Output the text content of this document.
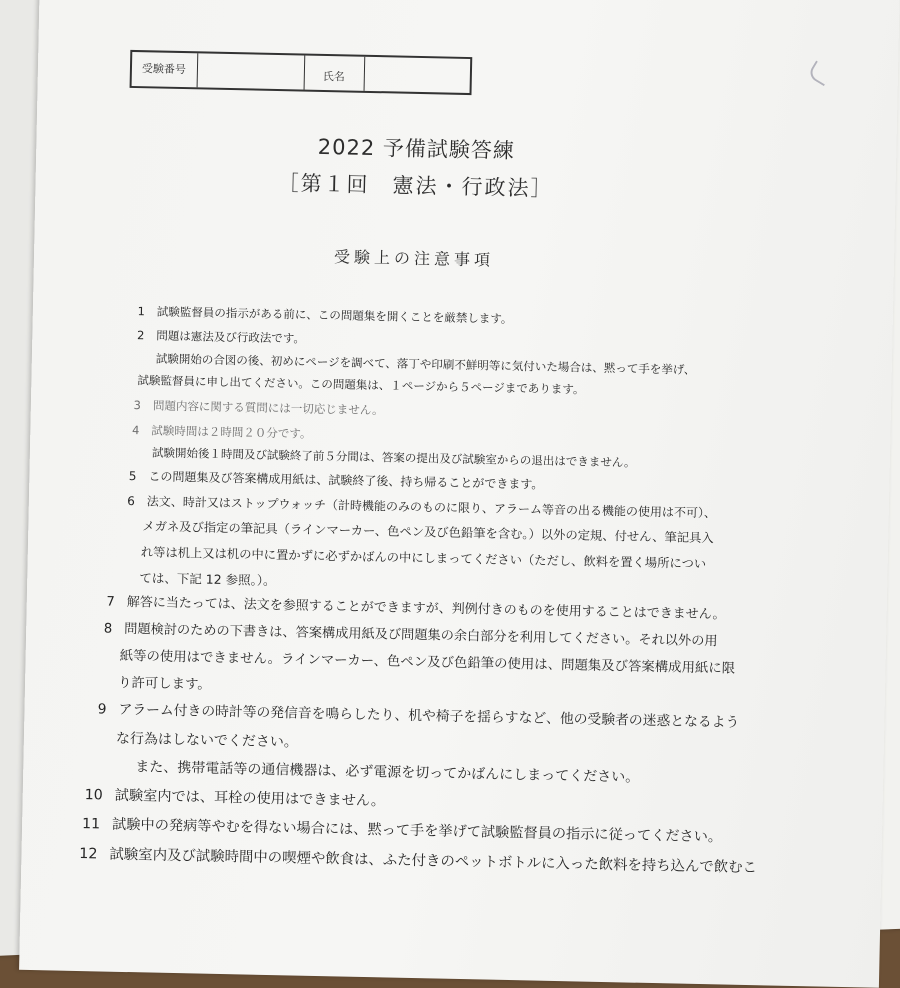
受験番号
氏名
2022 予備試験答練
［第１回　憲法・行政法］
受験上の注意事項
1 試験監督員の指示がある前に、この問題集を開くことを厳禁します。
2 問題は憲法及び行政法です。
試験開始の合図の後、初めにページを調べて、落丁や印刷不鮮明等に気付いた場合は、黙って手を挙げ、
試験監督員に申し出てください。この問題集は、１ページから５ページまであります。
3 問題内容に関する質問には一切応じません。
4 試験時間は２時間２０分です。
試験開始後１時間及び試験終了前５分間は、答案の提出及び試験室からの退出はできません。
5 この問題集及び答案構成用紙は、試験終了後、持ち帰ることができます。
6 法文、時計又はストップウォッチ（計時機能のみのものに限り、アラーム等音の出る機能の使用は不可）、
メガネ及び指定の筆記具（ラインマーカー、色ペン及び色鉛筆を含む。）以外の定規、付せん、筆記具入
れ等は机上又は机の中に置かずに必ずかばんの中にしまってください（ただし、飲料を置く場所につい
ては、下記 12 参照。）。
7 解答に当たっては、法文を参照することができますが、判例付きのものを使用することはできません。
8 問題検討のための下書きは、答案構成用紙及び問題集の余白部分を利用してください。それ以外の用
紙等の使用はできません。ラインマーカー、色ペン及び色鉛筆の使用は、問題集及び答案構成用紙に限
り許可します。
9 アラーム付きの時計等の発信音を鳴らしたり、机や椅子を揺らすなど、他の受験者の迷惑となるよう
な行為はしないでください。
また、携帯電話等の通信機器は、必ず電源を切ってかばんにしまってください。
10 試験室内では、耳栓の使用はできません。
11 試験中の発病等やむを得ない場合には、黙って手を挙げて試験監督員の指示に従ってください。
12 試験室内及び試験時間中の喫煙や飲食は、ふた付きのペットボトルに入った飲料を持ち込んで飲むこ
